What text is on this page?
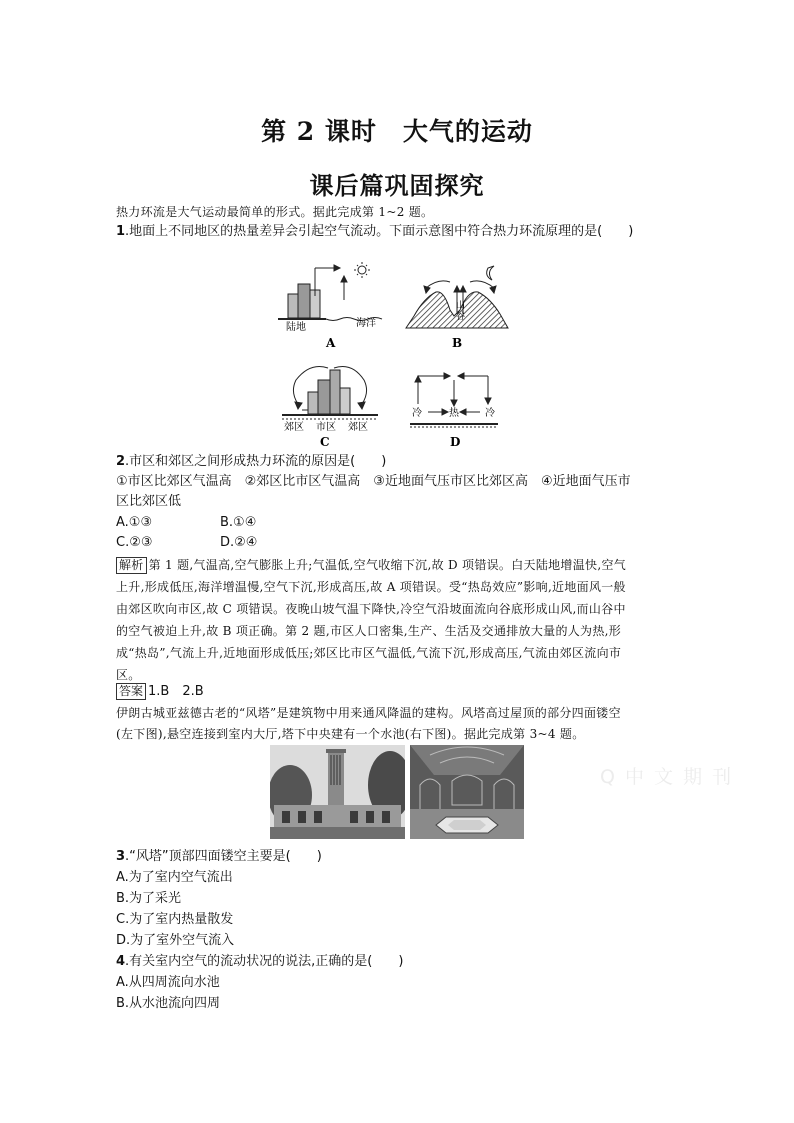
第 2 课时　大气的运动
课后篇巩固探究
热力环流是大气运动最简单的形式。据此完成第 1~2 题。
1.地面上不同地区的热量差异会引起空气流动。下面示意图中符合热力环流原理的是(　　)
陆地	海洋
A
山
谷
B
郊区 市区 郊区
C
冷	热	冷
D
2.市区和郊区之间形成热力环流的原因是(　　)
①市区比郊区气温高　②郊区比市区气温高　③近地面气压市区比郊区高　④近地面气压市
区比郊区低
A.①③	B.①④
C.②③	D.②④
解析 第 1 题,气温高,空气膨胀上升;气温低,空气收缩下沉,故 D 项错误。白天陆地增温快,空气
上升,形成低压,海洋增温慢,空气下沉,形成高压,故 A 项错误。受“热岛效应”影响,近地面风一般
由郊区吹向市区,故 C 项错误。夜晚山坡气温下降快,冷空气沿坡面流向谷底形成山风,而山谷中
的空气被迫上升,故 B 项正确。第 2 题,市区人口密集,生产、生活及交通排放大量的人为热,形
成“热岛”,气流上升,近地面形成低压;郊区比市区气温低,气流下沉,形成高压,气流由郊区流向市
区。
答案 1.B　2.B
伊朗古城亚兹德古老的“风塔”是建筑物中用来通风降温的建构。风塔高过屋顶的部分四面镂空
(左下图),悬空连接到室内大厅,塔下中央建有一个水池(右下图)。据此完成第 3~4 题。
Q 中 文 期 刊
3.“风塔”顶部四面镂空主要是(　　)
A.为了室内空气流出
B.为了采光
C.为了室内热量散发
D.为了室外空气流入
4.有关室内空气的流动状况的说法,正确的是(　　)
A.从四周流向水池
B.从水池流向四周
